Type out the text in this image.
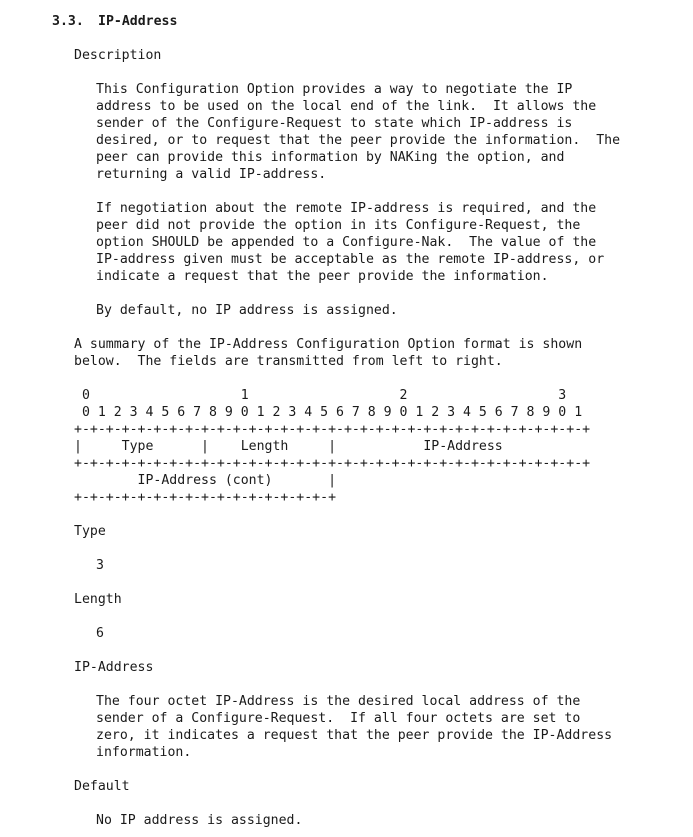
3.3. IP-Address

Description

This Configuration Option provides a way to negotiate the IP

address to be used on the local end of the link.  It allows the

sender of the Configure-Request to state which IP-address is

desired, or to request that the peer provide the information.  The

peer can provide this information by NAKing the option, and

returning a valid IP-address.

If negotiation about the remote IP-address is required, and the

peer did not provide the option in its Configure-Request, the

option SHOULD be appended to a Configure-Nak.  The value of the

IP-address given must be acceptable as the remote IP-address, or

indicate a request that the peer provide the information.

By default, no IP address is assigned.

A summary of the IP-Address Configuration Option format is shown

below.  The fields are transmitted from left to right.

0                   1                   2                   3

0 1 2 3 4 5 6 7 8 9 0 1 2 3 4 5 6 7 8 9 0 1 2 3 4 5 6 7 8 9 0 1

+-+-+-+-+-+-+-+-+-+-+-+-+-+-+-+-+-+-+-+-+-+-+-+-+-+-+-+-+-+-+-+-+

|     Type      |    Length     |           IP-Address

+-+-+-+-+-+-+-+-+-+-+-+-+-+-+-+-+-+-+-+-+-+-+-+-+-+-+-+-+-+-+-+-+

IP-Address (cont)       |

+-+-+-+-+-+-+-+-+-+-+-+-+-+-+-+-+

Type

3

Length

6

IP-Address

The four octet IP-Address is the desired local address of the

sender of a Configure-Request.  If all four octets are set to

zero, it indicates a request that the peer provide the IP-Address

information.

Default

No IP address is assigned.
